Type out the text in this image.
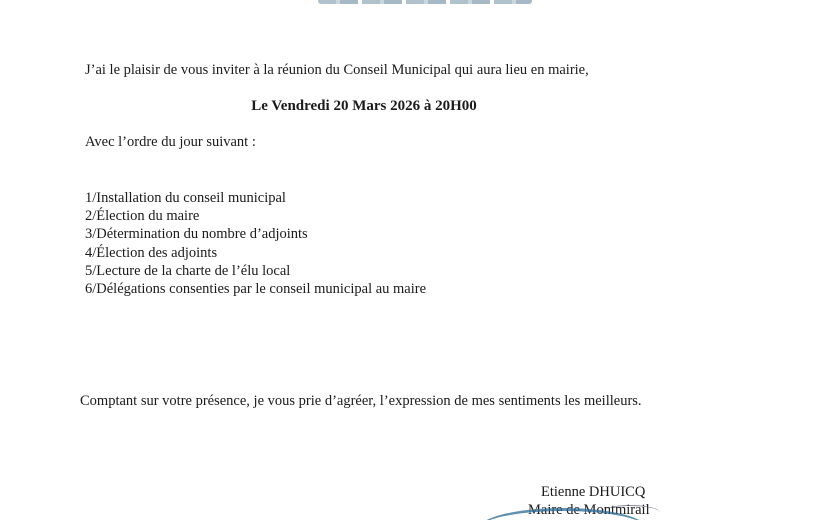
J’ai le plaisir de vous inviter à la réunion du Conseil Municipal qui aura lieu en mairie,

Le Vendredi 20 Mars 2026 à 20H00

Avec l’ordre du jour suivant :

1/Installation du conseil municipal
2/Élection du maire
3/Détermination du nombre d’adjoints
4/Élection des adjoints
5/Lecture de la charte de l’élu local
6/Délégations consenties par le conseil municipal au maire

Comptant sur votre présence, je vous prie d’agréer, l’expression de mes sentiments les meilleurs.

Etienne DHUICQ

Maire de Montmirail
